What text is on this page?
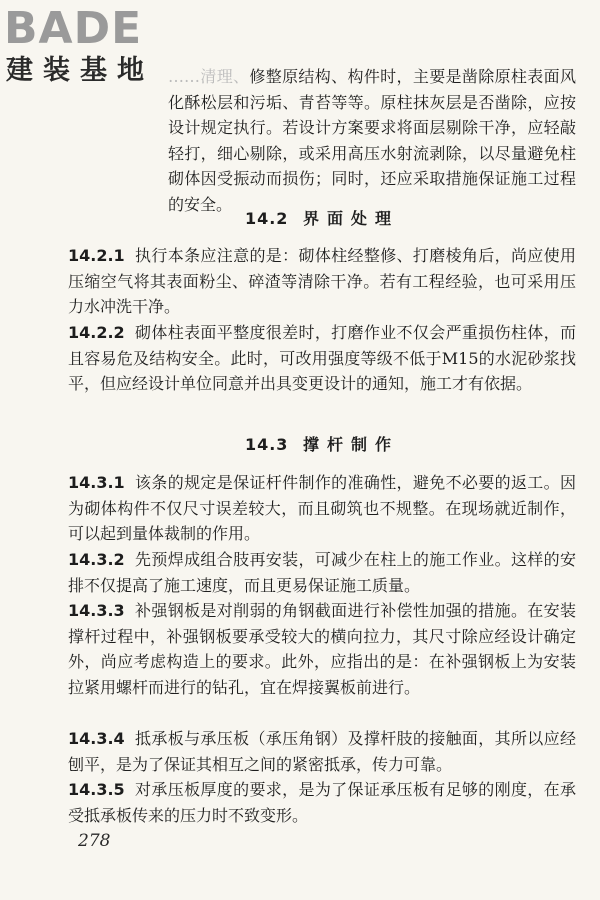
BADE
建装基地 ……清理、修整原结构、构件时，主要是凿除原柱表面风化酥松层和污垢、青苔等等。原柱抹灰层是否凿除，应按设计规定执行。若设计方案要求将面层剔除干净，应轻敲轻打，细心剔除，或采用高压水射流剥除，以尽量避免柱砌体因受振动而损伤；同时，还应采取措施保证施工过程的安全。
14.2 界面处理
14.2.1 执行本条应注意的是：砌体柱经整修、打磨棱角后，尚应使用压缩空气将其表面粉尘、碎渣等清除干净。若有工程经验，也可采用压力水冲洗干净。
14.2.2 砌体柱表面平整度很差时，打磨作业不仅会严重损伤柱体，而且容易危及结构安全。此时，可改用强度等级不低于M15的水泥砂浆找平，但应经设计单位同意并出具变更设计的通知，施工才有依据。
14.3 撑杆制作
14.3.1 该条的规定是保证杆件制作的准确性，避免不必要的返工。因为砌体构件不仅尺寸误差较大，而且砌筑也不规整。在现场就近制作，可以起到量体裁制的作用。
14.3.2 先预焊成组合肢再安装，可减少在柱上的施工作业。这样的安排不仅提高了施工速度，而且更易保证施工质量。
14.3.3 补强钢板是对削弱的角钢截面进行补偿性加强的措施。在安装撑杆过程中，补强钢板要承受较大的横向拉力，其尺寸除应经设计确定外，尚应考虑构造上的要求。此外，应指出的是：在补强钢板上为安装拉紧用螺杆而进行的钻孔，宜在焊接翼板前进行。
14.3.4 抵承板与承压板（承压角钢）及撑杆肢的接触面，其所以应经刨平，是为了保证其相互之间的紧密抵承，传力可靠。
14.3.5 对承压板厚度的要求，是为了保证承压板有足够的刚度，在承受抵承板传来的压力时不致变形。
278
